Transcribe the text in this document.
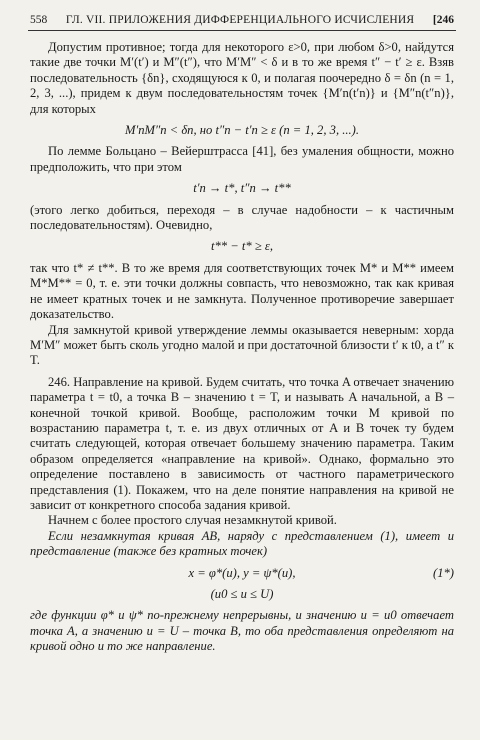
558 ГЛ. VII. ПРИЛОЖЕНИЯ ДИФФЕРЕНЦИАЛЬНОГО ИСЧИСЛЕНИЯ [246

Допустим противное; тогда для некоторого ε>0, при любом δ>0, найдутся такие две точки M′(t′) и M″(t″), что M′M″ < δ и в то же время t″ − t′ ≥ ε. Взяв последовательность {δn}, сходящуюся к 0, и полагая поочередно δ = δn (n = 1, 2, 3, ...), придем к двум последовательностям точек {M′n(t′n)} и {M″n(t″n)}, для которых

M′nM″n < δn, но t″n − t′n ≥ ε (n = 1, 2, 3, ...).

По лемме Больцано – Вейерштрасса [41], без умаления общности, можно предположить, что при этом

t′n → t*, t″n → t**

(этого легко добиться, переходя – в случае надобности – к частичным последовательностям). Очевидно,

t** − t* ≥ ε,

так что t* ≠ t**. В то же время для соответствующих точек M* и M** имеем M*M** = 0, т. е. эти точки должны совпасть, что невозможно, так как кривая не имеет кратных точек и не замкнута. Полученное противоречие завершает доказательство.

Для замкнутой кривой утверждение леммы оказывается неверным: хорда M′M″ может быть сколь угодно малой и при достаточной близости t′ к t0, а t″ к T.

246. Направление на кривой. Будем считать, что точка A отвечает значению параметра t = t0, а точка B – значению t = T, и называть A начальной, а B – конечной точкой кривой. Вообще, расположим точки M кривой по возрастанию параметра t, т. е. из двух отличных от A и B точек ту будем считать следующей, которая отвечает большему значению параметра. Таким образом определяется «направление на кривой». Однако, формально это определение поставлено в зависимость от частного параметрического представления (1). Покажем, что на деле понятие направления на кривой не зависит от конкретного способа задания кривой.

Начнем с более простого случая незамкнутой кривой.

Если незамкнутая кривая AB, наряду с представлением (1), имеет и представление (также без кратных точек)

x = φ*(u), y = ψ*(u),	(1*)

(u0 ≤ u ≤ U)

где функции φ* и ψ* по-прежнему непрерывны, и значению u = u0 отвечает точка A, а значению u = U – точка B, то оба представления определяют на кривой одно и то же направление.
